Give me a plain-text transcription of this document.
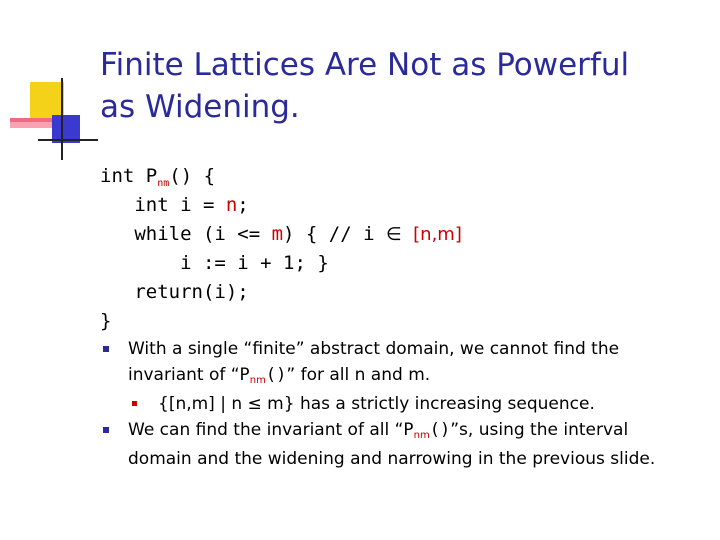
Finite Lattices Are Not as Powerful
as Widening.
int $P_{nm}()$ {
int i = n;
while (i <= m) { // i ∈ [n,m]
i := i + 1; }
return(i);
}
With a single “finite” abstract domain, we cannot find the
invariant of “Pnm()” for all n and m.
{[n,m] | n ≤ m} has a strictly increasing sequence.
We can find the invariant of all “Pnm()”s, using the interval
domain and the widening and narrowing in the previous slide.
